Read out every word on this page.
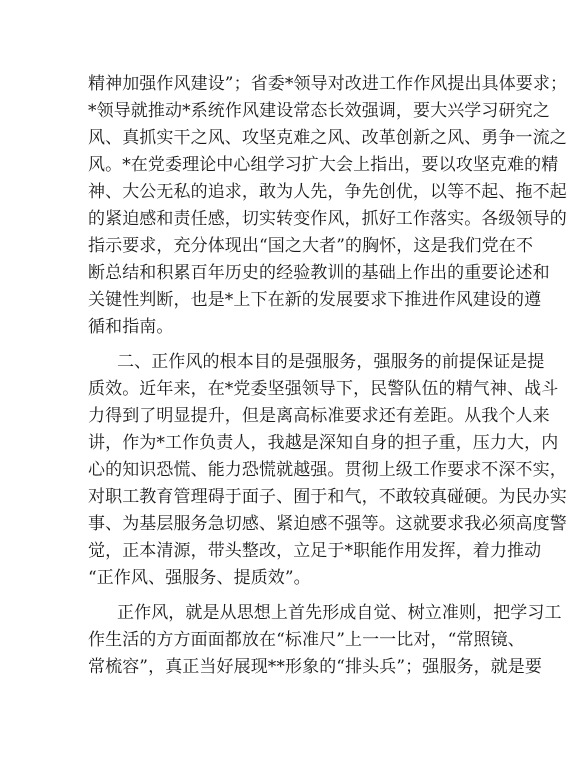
精神加强作风建设”；省委*领导对改进工作作风提出具体要求；
*领导就推动*系统作风建设常态长效强调，要大兴学习研究之
风、真抓实干之风、攻坚克难之风、改革创新之风、勇争一流之
风。*在党委理论中心组学习扩大会上指出，要以攻坚克难的精
神、大公无私的追求，敢为人先，争先创优，以等不起、拖不起
的紧迫感和责任感，切实转变作风，抓好工作落实。各级领导的
指示要求，充分体现出“国之大者”的胸怀，这是我们党在不
断总结和积累百年历史的经验教训的基础上作出的重要论述和
关键性判断，也是*上下在新的发展要求下推进作风建设的遵
循和指南。
二、正作风的根本目的是强服务，强服务的前提保证是提
质效。近年来，在*党委坚强领导下，民警队伍的精气神、战斗
力得到了明显提升，但是离高标准要求还有差距。从我个人来
讲，作为*工作负责人，我越是深知自身的担子重，压力大，内
心的知识恐慌、能力恐慌就越强。贯彻上级工作要求不深不实，
对职工教育管理碍于面子、囿于和气，不敢较真碰硬。为民办实
事、为基层服务急切感、紧迫感不强等。这就要求我必须高度警
觉，正本清源，带头整改，立足于*职能作用发挥，着力推动
“正作风、强服务、提质效”。
正作风，就是从思想上首先形成自觉、树立准则，把学习工
作生活的方方面面都放在“标准尺”上一一比对，“常照镜、
常梳容”，真正当好展现**形象的“排头兵”；强服务，就是要
